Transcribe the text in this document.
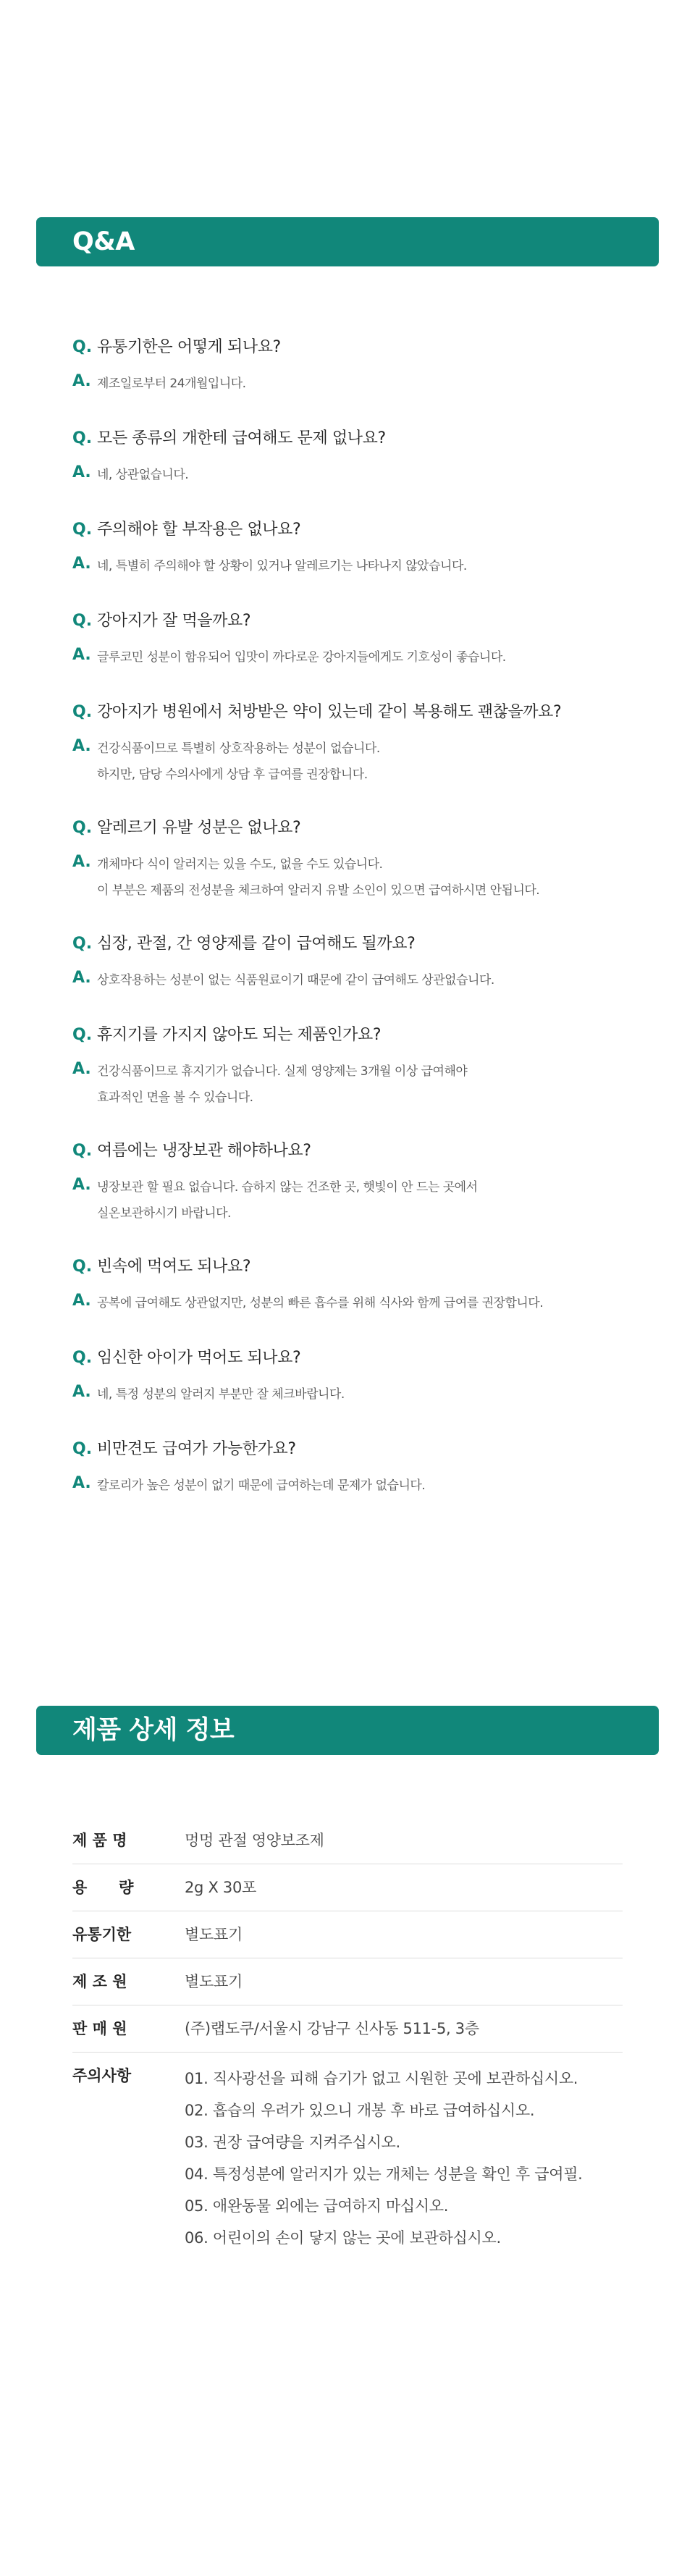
Q&A
Q. 유통기한은 어떻게 되나요?
A. 제조일로부터 24개월입니다.
Q. 모든 종류의 개한테 급여해도 문제 없나요?
A. 네, 상관없습니다.
Q. 주의해야 할 부작용은 없나요?
A. 네, 특별히 주의해야 할 상황이 있거나 알레르기는 나타나지 않았습니다.
Q. 강아지가 잘 먹을까요?
A. 글루코민 성분이 함유되어 입맛이 까다로운 강아지들에게도 기호성이 좋습니다.
Q. 강아지가 병원에서 처방받은 약이 있는데 같이 복용해도 괜찮을까요?
A. 건강식품이므로 특별히 상호작용하는 성분이 없습니다.
하지만, 담당 수의사에게 상담 후 급여를 권장합니다.
Q. 알레르기 유발 성분은 없나요?
A. 개체마다 식이 알러지는 있을 수도, 없을 수도 있습니다.
이 부분은 제품의 전성분을 체크하여 알러지 유발 소인이 있으면 급여하시면 안됩니다.
Q. 심장, 관절, 간 영양제를 같이 급여해도 될까요?
A. 상호작용하는 성분이 없는 식품원료이기 때문에 같이 급여해도 상관없습니다.
Q. 휴지기를 가지지 않아도 되는 제품인가요?
A. 건강식품이므로 휴지기가 없습니다. 실제 영양제는 3개월 이상 급여해야
효과적인 면을 볼 수 있습니다.
Q. 여름에는 냉장보관 해야하나요?
A. 냉장보관 할 필요 없습니다. 습하지 않는 건조한 곳, 햇빛이 안 드는 곳에서
실온보관하시기 바랍니다.
Q. 빈속에 먹여도 되나요?
A. 공복에 급여해도 상관없지만, 성분의 빠른 흡수를 위해 식사와 함께 급여를 권장합니다.
Q. 임신한 아이가 먹어도 되나요?
A. 네, 특정 성분의 알러지 부분만 잘 체크바랍니다.
Q. 비만견도 급여가 가능한가요?
A. 칼로리가 높은 성분이 없기 때문에 급여하는데 문제가 없습니다.
제품 상세 정보
제 품 명	멍멍 관절 영양보조제
용      량	2g X 30포
유통기한	별도표기
제 조 원	별도표기
판 매 원	(주)랩도쿠/서울시 강남구 신사동 511-5, 3층
주의사항	01. 직사광선을 피해 습기가 없고 시원한 곳에 보관하십시오.
02. 흡습의 우려가 있으니 개봉 후 바로 급여하십시오.
03. 권장 급여량을 지켜주십시오.
04. 특정성분에 알러지가 있는 개체는 성분을 확인 후 급여필.
05. 애완동물 외에는 급여하지 마십시오.
06. 어린이의 손이 닿지 않는 곳에 보관하십시오.
